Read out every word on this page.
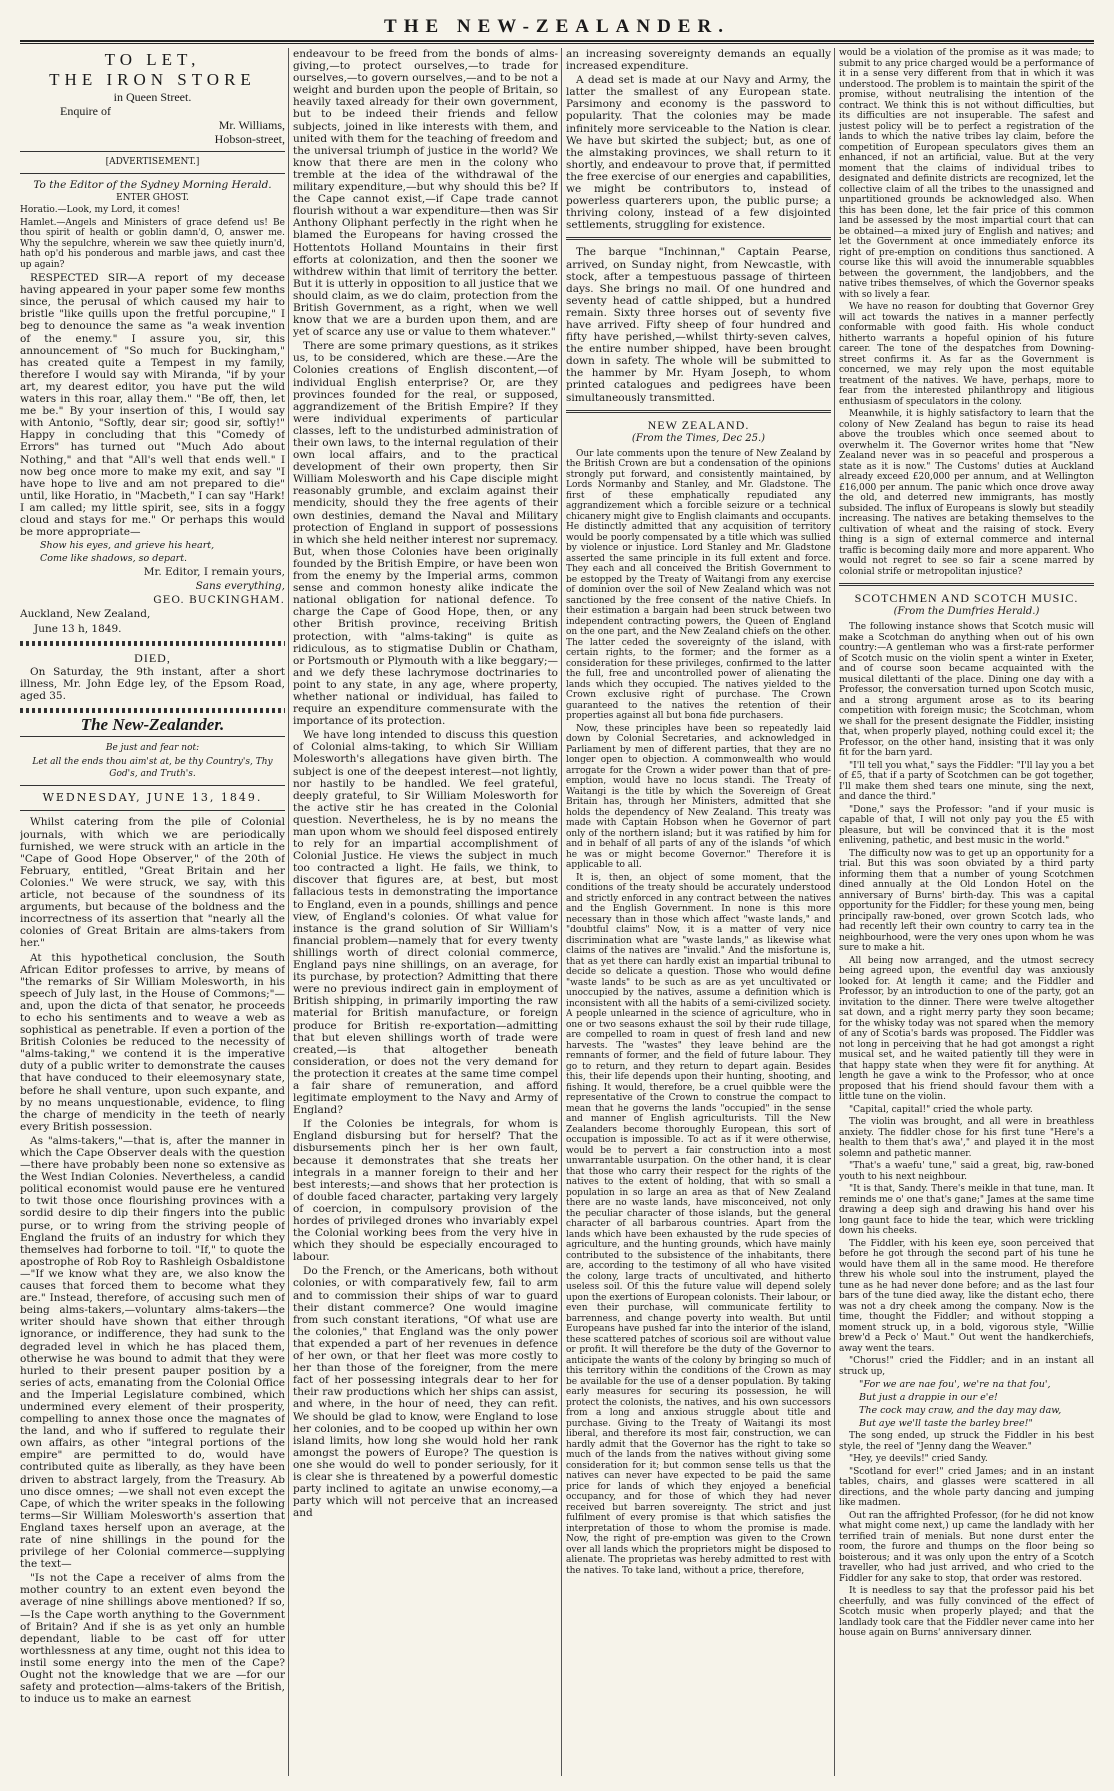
THE NEW-ZEALANDER.
TO LET,
THE IRON STORE
in Queen Street.
Enquire of
Mr. Williams,
Hobson-street,

[ADVERTISEMENT.]

To the Editor of the Sydney Morning Herald.

ENTER GHOST.

Horatio.—Look, my Lord, it comes!

Hamlet.—Angels and Ministers of grace defend us! Be thou spirit of health or goblin damn'd, O, answer me. Why the sepulchre, wherein we saw thee quietly inurn'd, hath op'd his ponderous and marble jaws, and cast thee up again?

RESPECTED SIR—A report of my decease having appeared in your paper some few months since, the perusal of which caused my hair to bristle "like quills upon the fretful porcupine," I beg to denounce the same as "a weak invention of the enemy." I assure you, sir, this announcement of "So much for Buckingham," has created quite a Tempest in my family, therefore I would say with Miranda, "if by your art, my dearest editor, you have put the wild waters in this roar, allay them." "Be off, then, let me be." By your insertion of this, I would say with Antonio, "Softly, dear sir; good sir, softly!" Happy in concluding that this "Comedy of Errors" has turned out "Much Ado about Nothing," and that "All's well that ends well." I now beg once more to make my exit, and say "I have hope to live and am not prepared to die" until, like Horatio, in "Macbeth," I can say "Hark! I am called; my little spirit, see, sits in a foggy cloud and stays for me." Or perhaps this would be more appropriate—

Show his eyes, and grieve his heart,

Come like shadows, so depart.

Mr. Editor, I remain yours,

Sans everything,

GEO. BUCKINGHAM.

Auckland, New Zealand,

June 13 h, 1849.

DIED,

On Saturday, the 9th instant, after a short illness, Mr. John Edge ley, of the Epsom Road, aged 35.

The New-Zealander.

Be just and fear not:

Let all the ends thou aim'st at, be thy Country's, Thy God's, and Truth's.

WEDNESDAY, JUNE 13, 1849.

Whilst catering from the pile of Colonial journals, with which we are periodically furnished, we were struck with an article in the "Cape of Good Hope Observer," of the 20th of February, entitled, "Great Britain and her Colonies." We were struck, we say, with this article, not because of the soundness of its arguments, but because of the boldness and the incorrectness of its assertion that "nearly all the colonies of Great Britain are alms-takers from her."

At this hypothetical conclusion, the South African Editor professes to arrive, by means of "the remarks of Sir William Molesworth, in his speech of July last, in the House of Commons;"—and, upon the dicta of that senator, he proceeds to echo his sentiments and to weave a web as sophistical as penetrable. If even a portion of the British Colonies be reduced to the necessity of "alms-taking," we contend it is the imperative duty of a public writer to demonstrate the causes that have conduced to their eleemosynary state, before he shall venture, upon such expante, and by no means unquestionable, evidence, to fling the charge of mendicity in the teeth of nearly every British possession.

As "alms-takers,"—that is, after the manner in which the Cape Observer deals with the question—there have probably been none so extensive as the West Indian Colonies. Nevertheless, a candid political economist would pause ere he ventured to twit those once flourishing provinces with a sordid desire to dip their fingers into the public purse, or to wring from the striving people of England the fruits of an industry for which they themselves had forborne to toil. "If," to quote the apostrophe of Rob Roy to Rashleigh Osbaldistone—"If we know what they are, we also know the causes that forced them to become what they are." Instead, therefore, of accusing such men of being alms-takers,—voluntary alms-takers—the writer should have shown that either through ignorance, or indifference, they had sunk to the degraded level in which he has placed them, otherwise he was bound to admit that they were hurled to their present pauper position by a series of acts, emanating from the Colonial Office and the Imperial Legislature combined, which undermined every element of their prosperity, compelling to annex those once the magnates of the land, and who if suffered to regulate their own affairs, as other "integral portions of the empire" are permitted to do, would have contributed quite as liberally, as they have been driven to abstract largely, from the Treasury. Ab uno disce omnes; —we shall not even except the Cape, of which the writer speaks in the following terms—Sir William Molesworth's assertion that England taxes herself upon an average, at the rate of nine shillings in the pound for the privilege of her Colonial commerce—supplying the text—

"Is not the Cape a receiver of alms from the mother country to an extent even beyond the average of nine shillings above mentioned? If so,—Is the Cape worth anything to the Government of Britain? And if she is as yet only an humble dependant, liable to be cast off for utter worthlessness at any time, ought not this idea to instil some energy into the men of the Cape? Ought not the knowledge that we are —for our safety and protection—alms-takers of the British, to induce us to make an earnest

endeavour to be freed from the bonds of alms-giving,—to protect ourselves,—to trade for ourselves,—to govern ourselves,—and to be not a weight and burden upon the people of Britain, so heavily taxed already for their own government, but to be indeed their friends and fellow subjects, joined in like interests with them, and united with them for the teaching of freedom and the universal triumph of justice in the world? We know that there are men in the colony who tremble at the idea of the withdrawal of the military expenditure,—but why should this be? If the Cape cannot exist,—if Cape trade cannot flourish without a war expenditure—then was Sir Anthony Oliphant perfectly in the right when he blamed the Europeans for having crossed the Hottentots Holland Mountains in their first efforts at colonization, and then the sooner we withdrew within that limit of territory the better. But it is utterly in opposition to all justice that we should claim, as we do claim, protection from the British Government, as a right, when we well know that we are a burden upon them, and are yet of scarce any use or value to them whatever."

There are some primary questions, as it strikes us, to be considered, which are these.—Are the Colonies creations of English discontent,—of individual English enterprise? Or, are they provinces founded for the real, or supposed, aggrandizement of the British Empire? If they were individual experiments of particular classes, left to the undisturbed administration of their own laws, to the internal regulation of their own local affairs, and to the practical development of their own property, then Sir William Molesworth and his Cape disciple might reasonably grumble, and exclaim against their mendicity, should they the free agents of their own destinies, demand the Naval and Military protection of England in support of possessions in which she held neither interest nor supremacy. But, when those Colonies have been originally founded by the British Empire, or have been won from the enemy by the Imperial arms, common sense and common honesty alike indicate the national obligation for national defence. To charge the Cape of Good Hope, then, or any other British province, receiving British protection, with "alms-taking" is quite as ridiculous, as to stigmatise Dublin or Chatham, or Portsmouth or Plymouth with a like beggary;—and we defy these lachrymose doctrinaries to point to any state, in any age, where property, whether national or individual, has failed to require an expenditure commensurate with the importance of its protection.

We have long intended to discuss this question of Colonial alms-taking, to which Sir William Molesworth's allegations have given birth. The subject is one of the deepest interest—not lightly, nor hastily to be handled. We feel grateful, deeply grateful, to Sir William Molesworth for the active stir he has created in the Colonial question. Nevertheless, he is by no means the man upon whom we should feel disposed entirely to rely for an impartial accomplishment of Colonial Justice. He views the subject in much too contracted a light. He fails, we think, to discover that figures are, at best, but most fallacious tests in demonstrating the importance to England, even in a pounds, shillings and pence view, of England's colonies. Of what value for instance is the grand solution of Sir William's financial problem—namely that for every twenty shillings worth of direct colonial commerce, England pays nine shillings, on an average, for its purchase, by protection? Admitting that there were no previous indirect gain in employment of British shipping, in primarily importing the raw material for British manufacture, or foreign produce for British re-exportation—admitting that but eleven shillings worth of trade were created,—is that altogether beneath consideration, or does not the very demand for the protection it creates at the same time compel a fair share of remuneration, and afford legitimate employment to the Navy and Army of England?

If the Colonies be integrals, for whom is England disbursing but for herself? That the disbursements pinch her is her own fault, because it demonstrates that she treats her integrals in a manner foreign to their and her best interests;—and shows that her protection is of double faced character, partaking very largely of coercion, in compulsory provision of the hordes of privileged drones who invariably expel the Colonial working bees from the very hive in which they should be especially encouraged to labour.

Do the French, or the Americans, both without colonies, or with comparatively few, fail to arm and to commission their ships of war to guard their distant commerce? One would imagine from such constant iterations, "Of what use are the colonies," that England was the only power that expended a part of her revenues in defence of her own, or that her fleet was more costly to her than those of the foreigner, from the mere fact of her possessing integrals dear to her for their raw productions which her ships can assist, and where, in the hour of need, they can refit. We should be glad to know, were England to lose her colonies, and to be cooped up within her own island limits, how long she would hold her rank amongst the powers of Europe? The question is one she would do well to ponder seriously, for it is clear she is threatened by a powerful domestic party inclined to agitate an unwise economy,—a party which will not perceive that an increased and

an increasing sovereignty demands an equally increased expenditure.

A dead set is made at our Navy and Army, the latter the smallest of any European state. Parsimony and economy is the password to popularity. That the colonies may be made infinitely more serviceable to the Nation is clear. We have but skirted the subject; but, as one of the almstaking provinces, we shall return to it shortly, and endeavour to prove that, if permitted the free exercise of our energies and capabilities, we might be contributors to, instead of powerless quarterers upon, the public purse; a thriving colony, instead of a few disjointed settlements, struggling for existence.

The barque "Inchinnan," Captain Pearse, arrived, on Sunday night, from Newcastle, with stock, after a tempestuous passage of thirteen days. She brings no mail. Of one hundred and seventy head of cattle shipped, but a hundred remain. Sixty three horses out of seventy five have arrived. Fifty sheep of four hundred and fifty have perished,—whilst thirty-seven calves, the entire number shipped, have been brought down in safety. The whole will be submitted to the hammer by Mr. Hyam Joseph, to whom printed catalogues and pedigrees have been simultaneously transmitted.

NEW ZEALAND.

(From the Times, Dec 25.)

Our late comments upon the tenure of New Zealand by the British Crown are but a condensation of the opinions strongly put forward, and consistently maintained, by Lords Normanby and Stanley, and Mr. Gladstone. The first of these emphatically repudiated any aggrandizement which a forcible seizure or a technical chicanery might give to English claimants and occupants. He distinctly admitted that any acquisition of territory would be poorly compensated by a title which was sullied by violence or injustice. Lord Stanley and Mr. Gladstone asserted the same principle in its full extent and force. They each and all conceived the British Government to be estopped by the Treaty of Waitangi from any exercise of dominion over the soil of New Zealand which was not sanctioned by the free consent of the native Chiefs. In their estimation a bargain had been struck between two independent contracting powers, the Queen of England on the one part, and the New Zealand chiefs on the other. The latter ceded the sovereignty of the island, with certain rights, to the former; and the former as a consideration for these privileges, confirmed to the latter the full, free and uncontrolled power of alienating the lands which they occupied. The natives yielded to the Crown exclusive right of purchase. The Crown guaranteed to the natives the retention of their properties against all but bona fide purchasers.

Now, these principles have been so repeatedly laid down by Colonial Secretaries, and acknowledged in Parliament by men of different parties, that they are no longer open to objection. A commonwealth who would arrogate for the Crown a wider power than that of pre-emption, would have no locus standi. The Treaty of Waitangi is the title by which the Sovereign of Great Britain has, through her Ministers, admitted that she holds the dependency of New Zealand. This treaty was made with Captain Hobson when he Governor of part only of the northern island; but it was ratified by him for and in behalf of all parts of any of the islands "of which he was or might become Governor." Therefore it is applicable to all.

It is, then, an object of some moment, that the conditions of the treaty should be accurately understood and strictly enforced in any contract between the natives and the English Government. In none is this more necessary than in those which affect "waste lands," and "doubtful claims" Now, it is a matter of very nice discrimination what are "waste lands," as likewise what claims of the natives are "invalid." And the misfortune is, that as yet there can hardly exist an impartial tribunal to decide so delicate a question. Those who would define "waste lands" to be such as are as yet uncultivated or unoccupied by the natives, assume a definition which is inconsistent with all the habits of a semi-civilized society. A people unlearned in the science of agriculture, who in one or two seasons exhaust the soil by their rude tillage, are compelled to roam in quest of fresh land and new harvests. The "wastes" they leave behind are the remnants of former, and the field of future labour. They go to return, and they return to depart again. Besides this, their life depends upon their hunting, shooting, and fishing. It would, therefore, be a cruel quibble were the representative of the Crown to construe the compact to mean that he governs the lands "occupied" in the sense and manner of English agriculturists. Till the New Zealanders become thoroughly European, this sort of occupation is impossible. To act as if it were otherwise, would be to pervert a fair construction into a most unwarrantable usurpation. On the other hand, it is clear that those who carry their respect for the rights of the natives to the extent of holding, that with so small a population in so large an area as that of New Zealand there are no waste lands, have misconceived, not only the peculiar character of those islands, but the general character of all barbarous countries. Apart from the lands which have been exhausted by the rude species of agriculture, and the hunting grounds, which have mainly contributed to the subsistence of the inhabitants, there are, according to the testimony of all who have visited the colony, large tracts of uncultivated, and hitherto useless soil. Of this the future value will depend solely upon the exertions of European colonists. Their labour, or even their purchase, will communicate fertility to barrenness, and change poverty into wealth. But until Europeans have pushed far into the interior of the island, these scattered patches of scorious soil are without value or profit. It will therefore be the duty of the Governor to anticipate the wants of the colony by bringing so much of this territory within the conditions of the Crown as may be available for the use of a denser population. By taking early measures for securing its possession, he will protect the colonists, the natives, and his own successors from a long and anxious struggle about title and purchase. Giving to the Treaty of Waitangi its most liberal, and therefore its most fair, construction, we can hardly admit that the Governor has the right to take so much of the lands from the natives without giving some consideration for it; but common sense tells us that the natives can never have expected to be paid the same price for lands of which they enjoyed a beneficial occupancy, and for those of which they had never received but barren sovereignty. The strict and just fulfilment of every promise is that which satisfies the interpretation of those to whom the promise is made. Now, the right of pre-emption was given to the Crown over all lands which the proprietors might be disposed to alienate. The proprietas was hereby admitted to rest with the natives. To take land, without a price, therefore,

would be a violation of the promise as it was made; to submit to any price charged would be a performance of it in a sense very different from that in which it was understood. The problem is to maintain the spirit of the promise, without neutralising the intention of the contract. We think this is not without difficulties, but its difficulties are not insuperable. The safest and justest policy will be to perfect a registration of the lands to which the native tribes lay claim, before the competition of European speculators gives them an enhanced, if not an artificial, value. But at the very moment that the claims of individual tribes to designated and definite districts are recognized, let the collective claim of all the tribes to the unassigned and unpartitioned grounds be acknowledged also. When this has been done, let the fair price of this common land be assessed by the most impartial court that can be obtained—a mixed jury of English and natives; and let the Government at once immediately enforce its right of pre-emption on conditions thus sanctioned. A course like this will avoid the innumerable squabbles between the government, the landjobbers, and the native tribes themselves, of which the Governor speaks with so lively a fear.

We have no reason for doubting that Governor Grey will act towards the natives in a manner perfectly conformable with good faith. His whole conduct hitherto warrants a hopeful opinion of his future career. The tone of the despatches from Downing-street confirms it. As far as the Government is concerned, we may rely upon the most equitable treatment of the natives. We have, perhaps, more to fear from the interested philanthropy and litigious enthusiasm of speculators in the colony.

Meanwhile, it is highly satisfactory to learn that the colony of New Zealand has begun to raise its head above the troubles which once seemed about to overwhelm it. The Governor writes home that "New Zealand never was in so peaceful and prosperous a state as it is now." The Customs' duties at Auckland already exceed £20,000 per annum, and at Wellington £16,000 per annum. The panic which once drove away the old, and deterred new immigrants, has mostly subsided. The influx of Europeans is slowly but steadily increasing. The natives are betaking themselves to the cultivation of wheat and the raising of stock. Every thing is a sign of external commerce and internal traffic is becoming daily more and more apparent. Who would not regret to see so fair a scene marred by colonial strife or metropolitan injustice?

SCOTCHMEN AND SCOTCH MUSIC.

(From the Dumfries Herald.)

The following instance shows that Scotch music will make a Scotchman do anything when out of his own country:—A gentleman who was a first-rate performer of Scotch music on the violin spent a winter in Exeter, and of course soon became acquainted with the musical dilettanti of the place. Dining one day with a Professor, the conversation turned upon Scotch music, and a strong argument arose as to its bearing competition with foreign music; the Scotchman, whom we shall for the present designate the Fiddler, insisting that, when properly played, nothing could excel it; the Professor, on the other hand, insisting that it was only fit for the barn yard.

"I'll tell you what," says the Fiddler: "I'll lay you a bet of £5, that if a party of Scotchmen can be got together, I'll make them shed tears one minute, sing the next, and dance the third."

"Done," says the Professor: "and if your music is capable of that, I will not only pay you the £5 with pleasure, but will be convinced that it is the most enlivening, pathetic, and best music in the world."

The difficulty now was to get up an opportunity for a trial. But this was soon obviated by a third party informing them that a number of young Scotchmen dined annually at the Old London Hotel on the anniversary of Burns' birth-day. This was a capital opportunity for the Fiddler; for these young men, being principally raw-boned, over grown Scotch lads, who had recently left their own country to carry tea in the neighbourhood, were the very ones upon whom he was sure to make a hit.

All being now arranged, and the utmost secrecy being agreed upon, the eventful day was anxiously looked for. At length it came; and the Fiddler and Professor, by an introduction to one of the party, got an invitation to the dinner. There were twelve altogether sat down, and a right merry party they soon became; for the whisky today was not spared when the memory of any of Scotia's bards was proposed. The Fiddler was not long in perceiving that he had got amongst a right musical set, and he waited patiently till they were in that happy state when they were fit for anything. At length he gave a wink to the Professor, who at once proposed that his friend should favour them with a little tune on the violin.

"Capital, capital!" cried the whole party.

The violin was brought, and all were in breathless anxiety. The fiddler chose for his first tune "Here's a health to them that's awa'," and played it in the most solemn and pathetic manner.

"That's a waefu' tune," said a great, big, raw-boned youth to his next neighbour.

"It is that, Sandy. There's meikle in that tune, man. It reminds me o' one that's gane;" James at the same time drawing a deep sigh and drawing his hand over his long gaunt face to hide the tear, which were trickling down his cheeks.

The Fiddler, with his keen eye, soon perceived that before he got through the second part of his tune he would have them all in the same mood. He therefore threw his whole soul into the instrument, played the tune as he had never done before; and as the last four bars of the tune died away, like the distant echo, there was not a dry cheek among the company. Now is the time, thought the Fiddler; and without stopping a moment struck up, in a bold, vigorous style, "Willie brew'd a Peck o' Maut." Out went the handkerchiefs, away went the tears.

"Chorus!" cried the Fiddler; and in an instant all struck up,

"For we are nae fou', we're na that fou',

But just a drappie in our e'e!

The cock may craw, and the day may daw,

But aye we'll taste the barley bree!"

The song ended, up struck the Fiddler in his best style, the reel of "Jenny dang the Weaver."

"Hey, ye deevils!" cried Sandy.

"Scotland for ever!" cried James; and in an instant tables, chairs, and glasses were scattered in all directions, and the whole party dancing and jumping like madmen.

Out ran the affrighted Professor, (for he did not know what might come next,) up came the landlady with her terrified train of menials. But none durst enter the room, the furore and thumps on the floor being so boisterous; and it was only upon the entry of a Scotch traveller, who had just arrived, and who cried to the Fiddler for any sake to stop, that order was restored.

It is needless to say that the professor paid his bet cheerfully, and was fully convinced of the effect of Scotch music when properly played; and that the landlady took care that the Fiddler never came into her house again on Burns' anniversary dinner.
